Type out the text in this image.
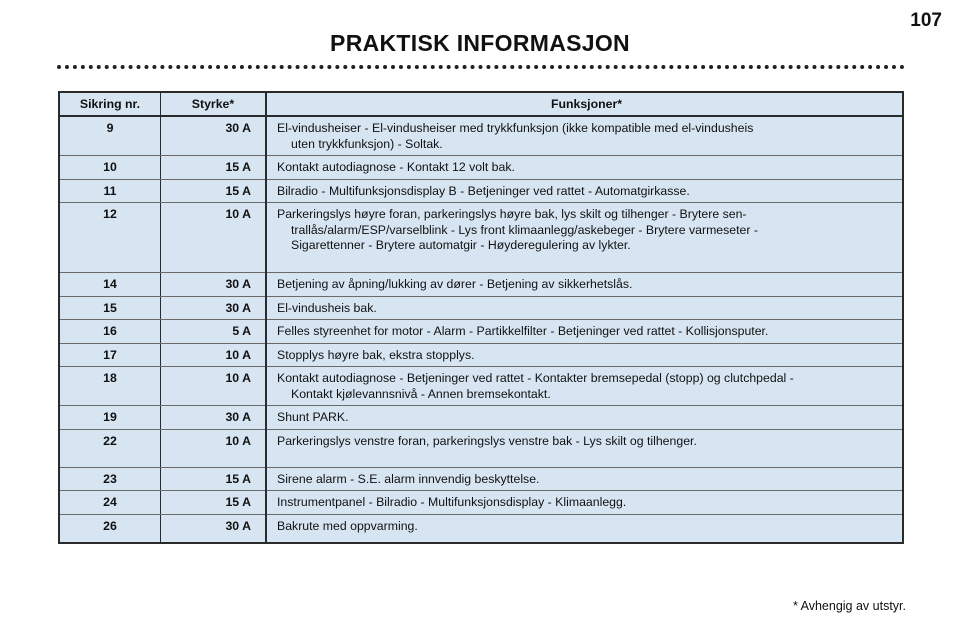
107
PRAKTISK INFORMASJON
Sikring nr.	Styrke*	Funksjoner*
9	30 A	El-vindusheiser - El-vindusheiser med trykkfunksjon (ikke kompatible med el-vindusheis
uten trykkfunksjon) - Soltak.

10	15 A	Kontakt autodiagnose - Kontakt 12 volt bak.

11	15 A	Bilradio - Multifunksjonsdisplay B - Betjeninger ved rattet - Automatgirkasse.

12	10 A	Parkeringslys høyre foran, parkeringslys høyre bak, lys skilt og tilhenger - Brytere sen-
trallås/alarm/ESP/varselblink - Lys front klimaanlegg/askebeger - Brytere varmeseter -
Sigarettenner - Brytere automatgir - Høyderegulering av lykter.

14	30 A	Betjening av åpning/lukking av dører - Betjening av sikkerhetslås.

15	30 A	El-vindusheis bak.

16	5 A	Felles styreenhet for motor - Alarm - Partikkelfilter - Betjeninger ved rattet - Kollisjonsputer.

17	10 A	Stopplys høyre bak, ekstra stopplys.

18	10 A	Kontakt autodiagnose - Betjeninger ved rattet - Kontakter bremsepedal (stopp) og clutchpedal -
Kontakt kjølevannsnivå - Annen bremsekontakt.

19	30 A	Shunt PARK.

22	10 A	Parkeringslys venstre foran, parkeringslys venstre bak - Lys skilt og tilhenger.

23	15 A	Sirene alarm - S.E. alarm innvendig beskyttelse.

24	15 A	Instrumentpanel - Bilradio - Multifunksjonsdisplay - Klimaanlegg.

26	30 A	Bakrute med oppvarming.
* Avhengig av utstyr.
